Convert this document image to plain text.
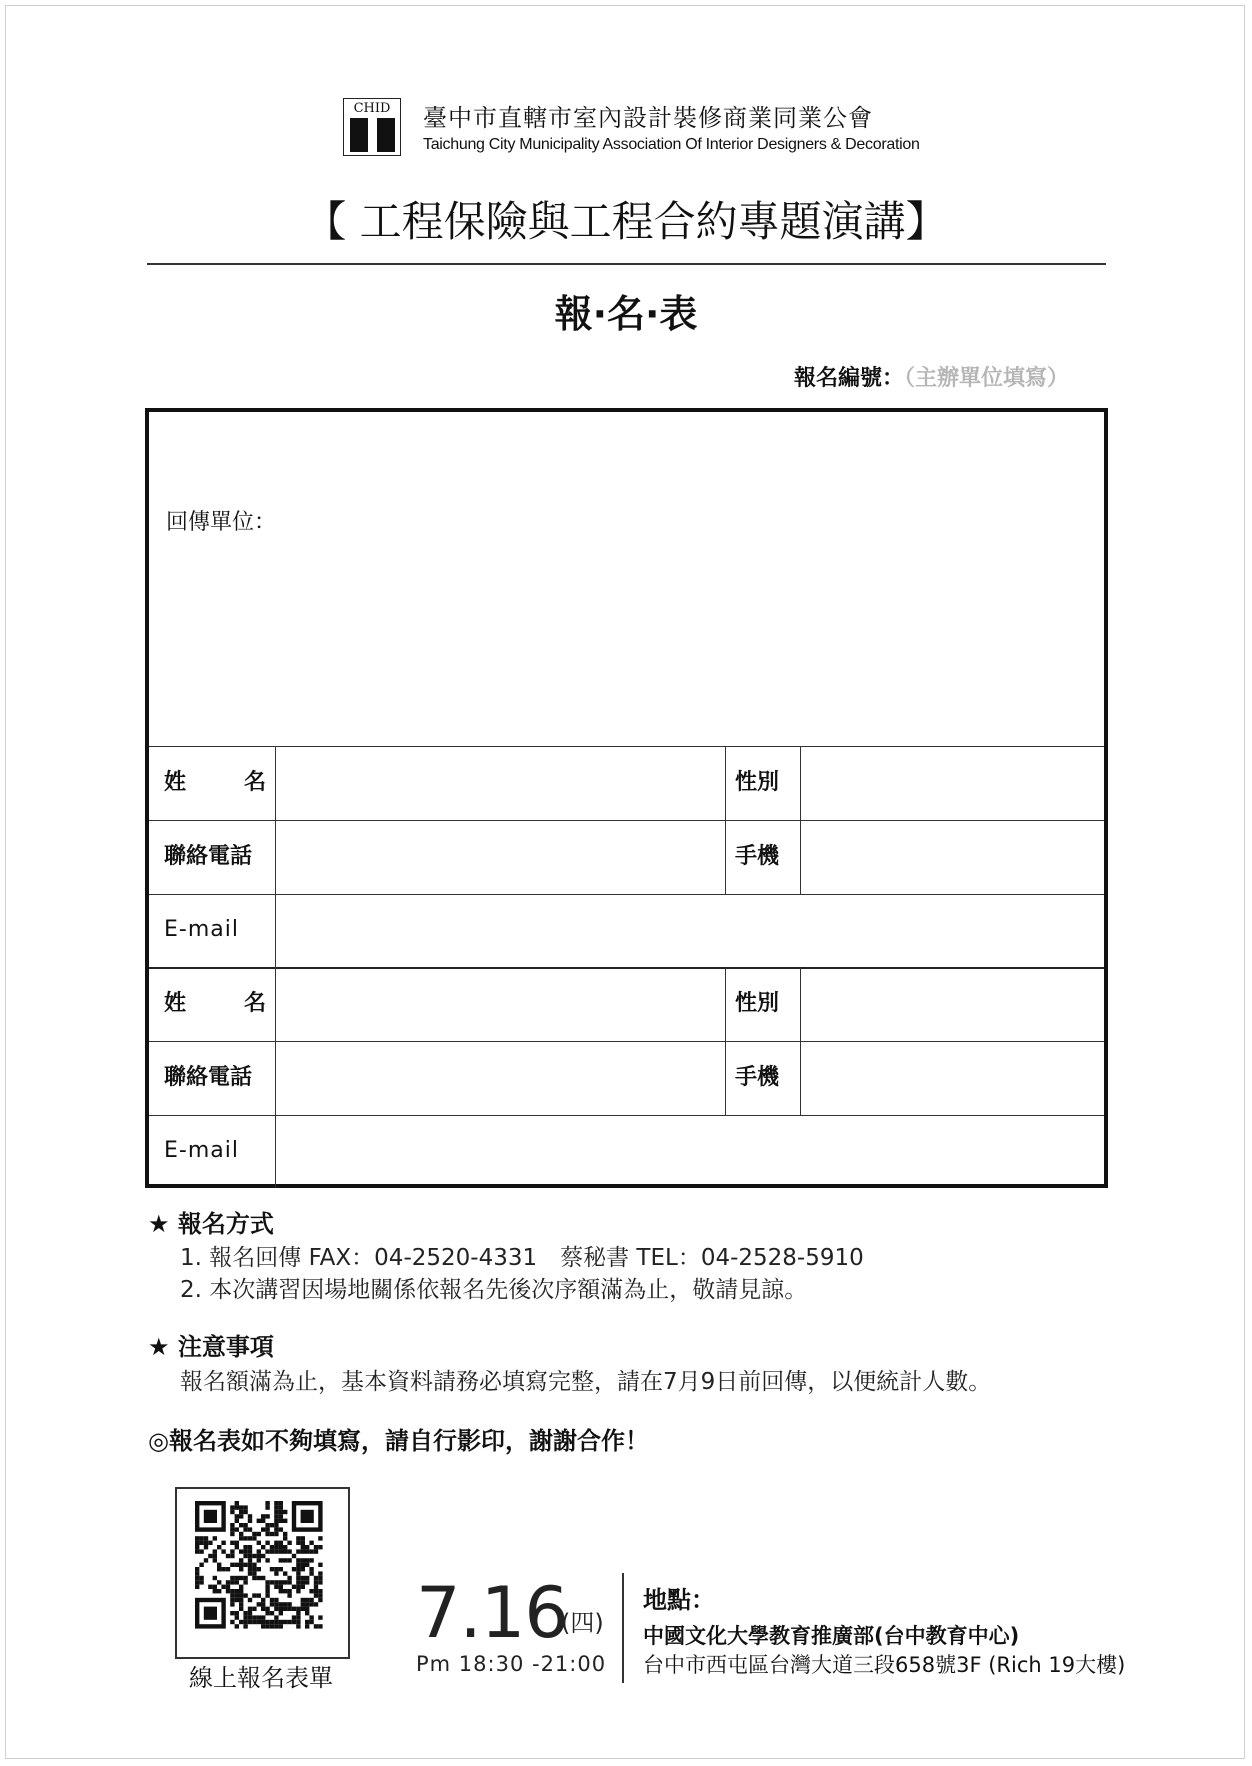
CHID	臺中市直轄市室內設計裝修商業同業公會
Taichung City Municipality Association Of Interior Designers & Decoration
【 工程保險與工程合約專題演講】
報·名·表
報名編號：（主辦單位填寫）
回傳單位：
姓	名	性別
聯絡電話	手機
E-mail
姓	名	性別
聯絡電話	手機
E-mail
★ 報名方式
1. 報名回傳 FAX：04-2520-4331　蔡秘書 TEL：04-2528-5910
2. 本次講習因場地關係依報名先後次序額滿為止，敬請見諒。
★ 注意事項
報名額滿為止，基本資料請務必填寫完整，請在7月9日前回傳，以便統計人數。
◎報名表如不夠填寫，請自行影印，謝謝合作！
線上報名表單
7.16
(四)
Pm 18:30 -21:00
地點：
中國文化大學教育推廣部(台中教育中心)
台中市西屯區台灣大道三段658號3F (Rich 19大樓)
